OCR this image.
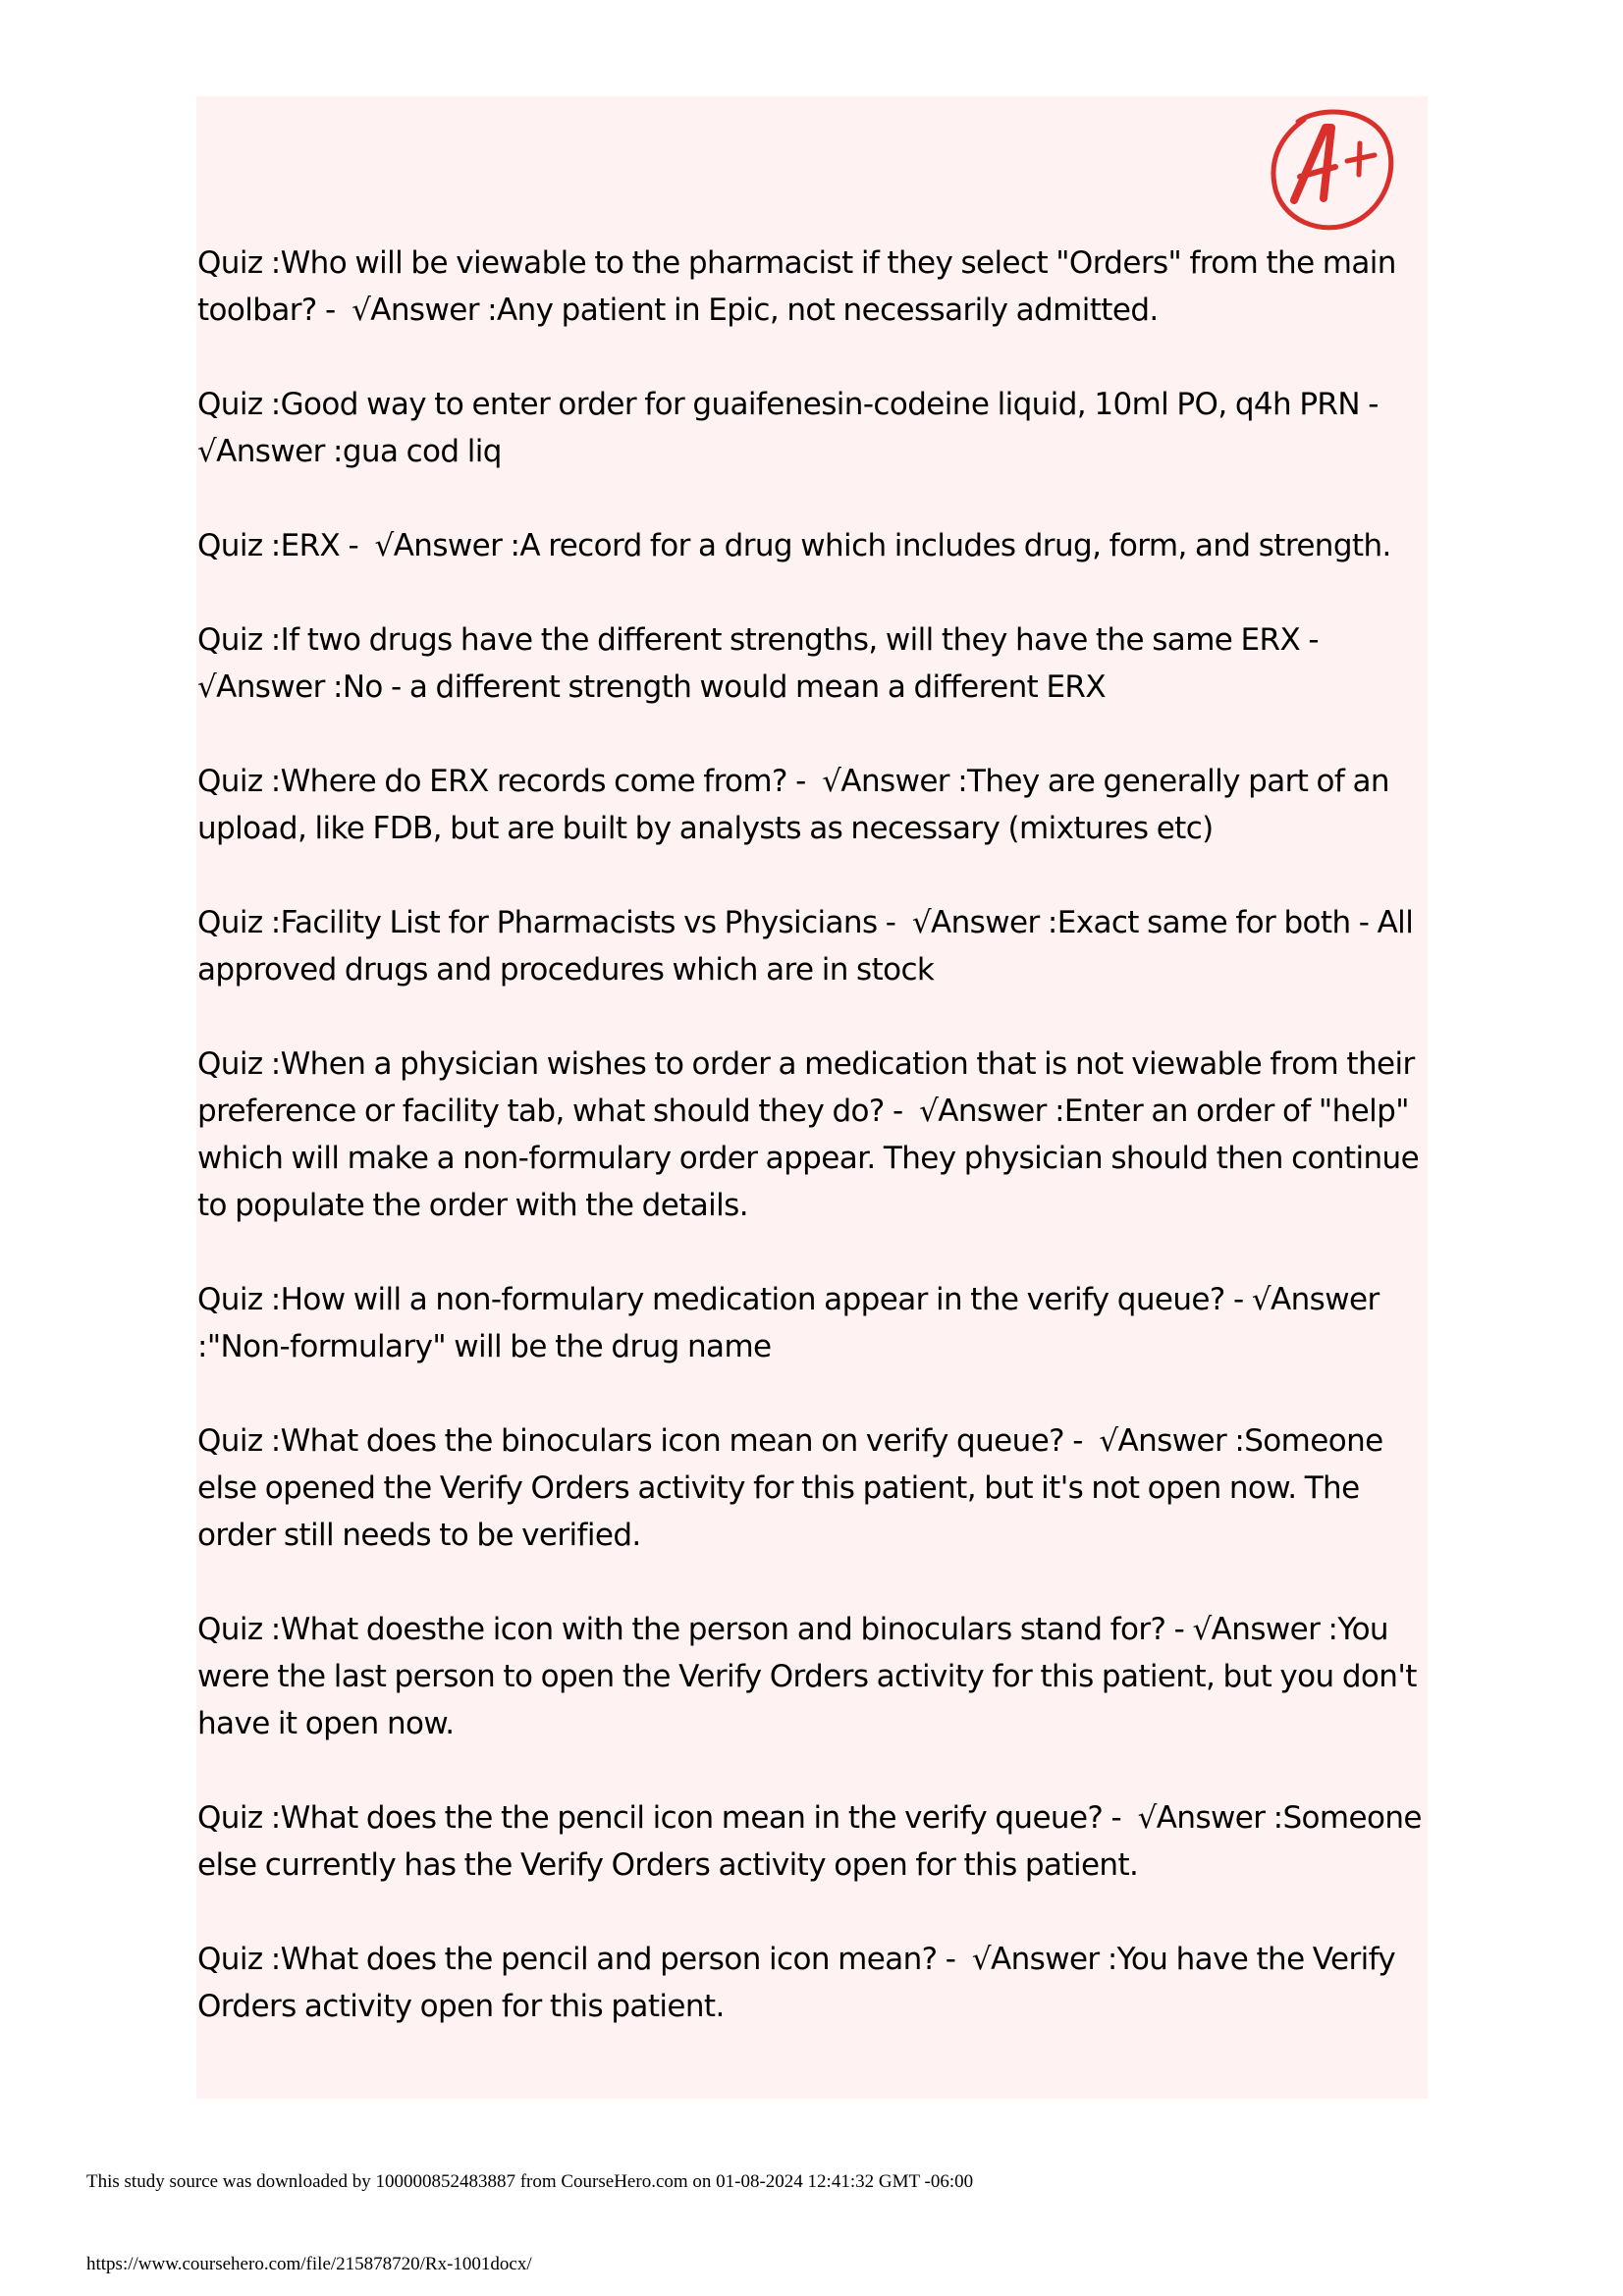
Quiz :Who will be viewable to the pharmacist if they select "Orders" from the main toolbar? -  √Answer :Any patient in Epic, not necessarily admitted.

Quiz :Good way to enter order for guaifenesin-codeine liquid, 10ml PO, q4h PRN -  √Answer :gua cod liq

Quiz :ERX -  √Answer :A record for a drug which includes drug, form, and strength.

Quiz :If two drugs have the different strengths, will they have the same ERX - √Answer :No - a different strength would mean a different ERX

Quiz :Where do ERX records come from? -  √Answer :They are generally part of an upload, like FDB, but are built by analysts as necessary (mixtures etc)

Quiz :Facility List for Pharmacists vs Physicians -  √Answer :Exact same for both - All approved drugs and procedures which are in stock

Quiz :When a physician wishes to order a medication that is not viewable from their preference or facility tab, what should they do? -  √Answer :Enter an order of "help" which will make a non-formulary order appear. They physician should then continue to populate the order with the details.

Quiz :How will a non-formulary medication appear in the verify queue? - √Answer :"Non-formulary" will be the drug name

Quiz :What does the binoculars icon mean on verify queue? -  √Answer :Someone else opened the Verify Orders activity for this patient, but it's not open now. The order still needs to be verified.

Quiz :What doesthe icon with the person and binoculars stand for? - √Answer :You were the last person to open the Verify Orders activity for this patient, but you don't have it open now.

Quiz :What does the the pencil icon mean in the verify queue? -  √Answer :Someone else currently has the Verify Orders activity open for this patient.

Quiz :What does the pencil and person icon mean? -  √Answer :You have the Verify Orders activity open for this patient.

This study source was downloaded by 100000852483887 from CourseHero.com on 01-08-2024 12:41:32 GMT -06:00
https://www.coursehero.com/file/215878720/Rx-1001docx/
